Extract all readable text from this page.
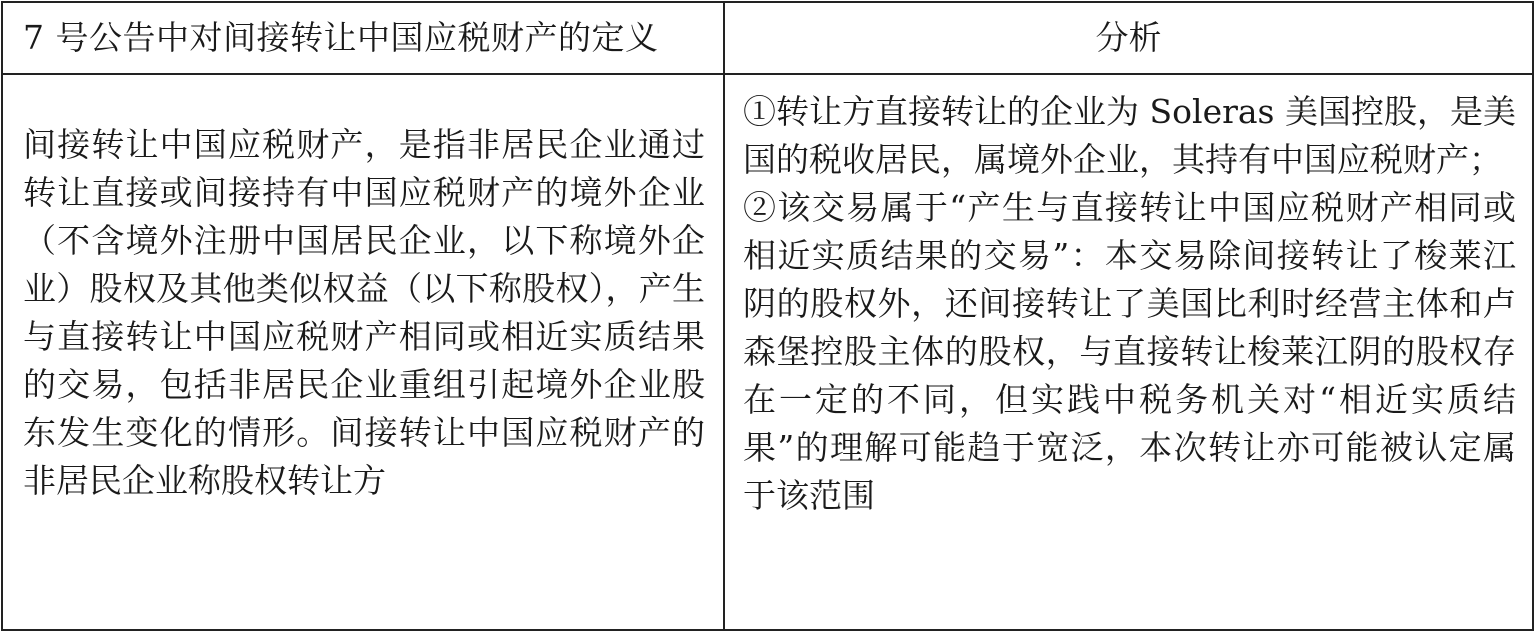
7 号公告中对间接转让中国应税财产的定义	分析

间接转让中国应税财产，是指非居民企业通过转让直接或间接持有中国应税财产的境外企业（不含境外注册中国居民企业，以下称境外企业）股权及其他类似权益（以下称股权），产生与直接转让中国应税财产相同或相近实质结果的交易，包括非居民企业重组引起境外企业股东发生变化的情形。间接转让中国应税财产的非居民企业称股权转让方	①转让方直接转让的企业为 Soleras 美国控股，是美国的税收居民，属境外企业，其持有中国应税财产；

②该交易属于“产生与直接转让中国应税财产相同或相近实质结果的交易”：本交易除间接转让了梭莱江阴的股权外，还间接转让了美国比利时经营主体和卢森堡控股主体的股权，与直接转让梭莱江阴的股权存在一定的不同，但实践中税务机关对“相近实质结果”的理解可能趋于宽泛，本次转让亦可能被认定属于该范围
